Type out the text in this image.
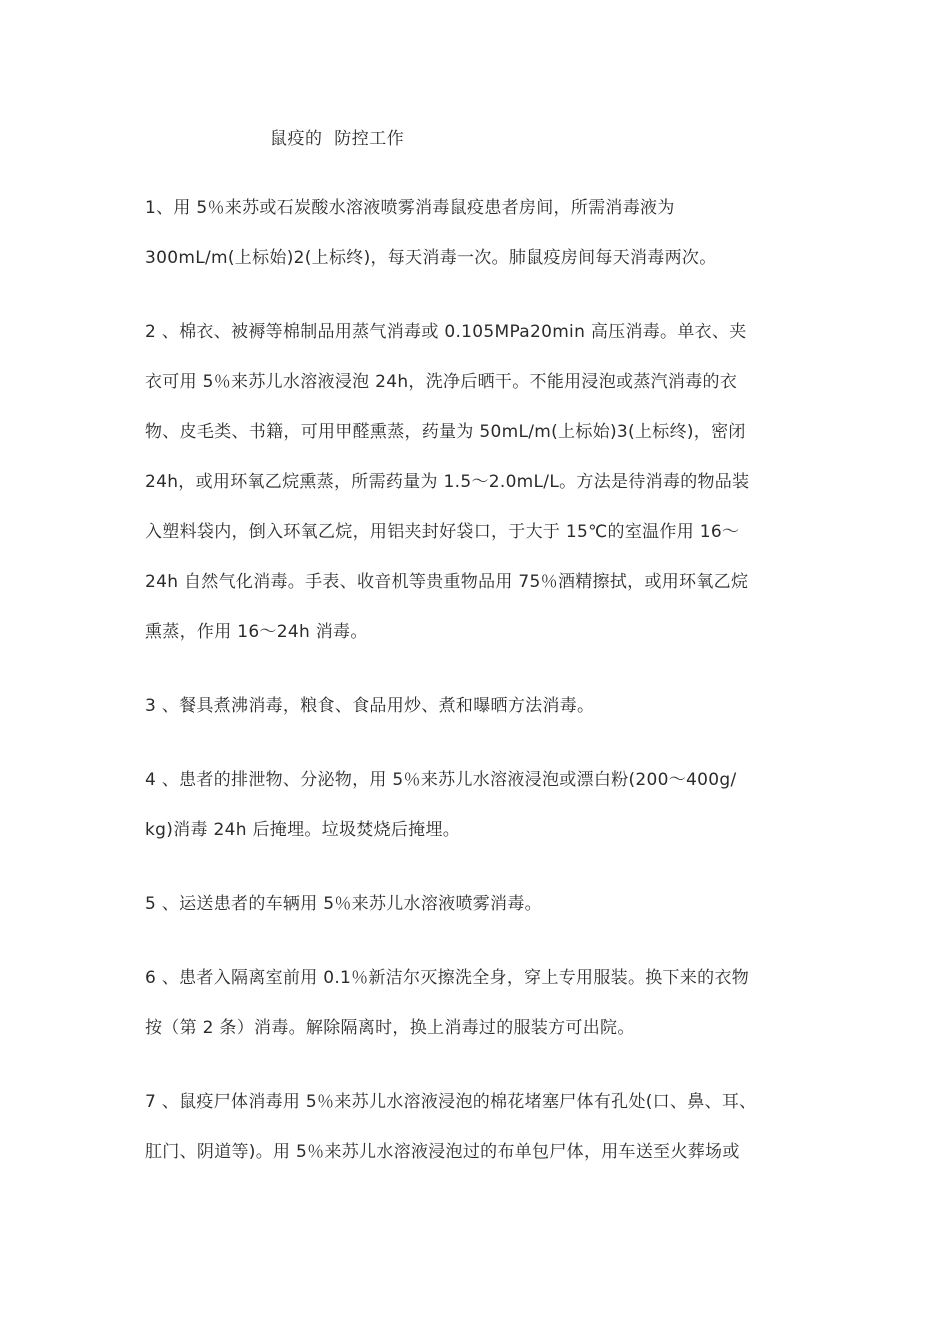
鼠疫的  防控工作

1、用 5％来苏或石炭酸水溶液喷雾消毒鼠疫患者房间，所需消毒液为
300mL/m(上标始)2(上标终)，每天消毒一次。肺鼠疫房间每天消毒两次。

2 、棉衣、被褥等棉制品用蒸气消毒或 0.105MPa20min 高压消毒。单衣、夹
衣可用 5％来苏儿水溶液浸泡 24h，洗净后晒干。不能用浸泡或蒸汽消毒的衣
物、皮毛类、书籍，可用甲醛熏蒸，药量为 50mL/m(上标始)3(上标终)，密闭
24h，或用环氧乙烷熏蒸，所需药量为 1.5～2.0mL/L。方法是待消毒的物品装
入塑料袋内，倒入环氧乙烷，用铝夹封好袋口，于大于 15℃的室温作用 16～
24h 自然气化消毒。手表、收音机等贵重物品用 75％酒精擦拭，或用环氧乙烷
熏蒸，作用 16～24h 消毒。

3 、餐具煮沸消毒，粮食、食品用炒、煮和曝晒方法消毒。

4 、患者的排泄物、分泌物，用 5％来苏儿水溶液浸泡或漂白粉(200～400g/
kg)消毒 24h 后掩埋。垃圾焚烧后掩埋。

5 、运送患者的车辆用 5％来苏儿水溶液喷雾消毒。

6 、患者入隔离室前用 0.1％新洁尔灭擦洗全身，穿上专用服装。换下来的衣物
按（第 2 条）消毒。解除隔离时，换上消毒过的服装方可出院。

7 、鼠疫尸体消毒用 5％来苏儿水溶液浸泡的棉花堵塞尸体有孔处(口、鼻、耳、
肛门、阴道等)。用 5％来苏儿水溶液浸泡过的布单包尸体，用车送至火葬场或
